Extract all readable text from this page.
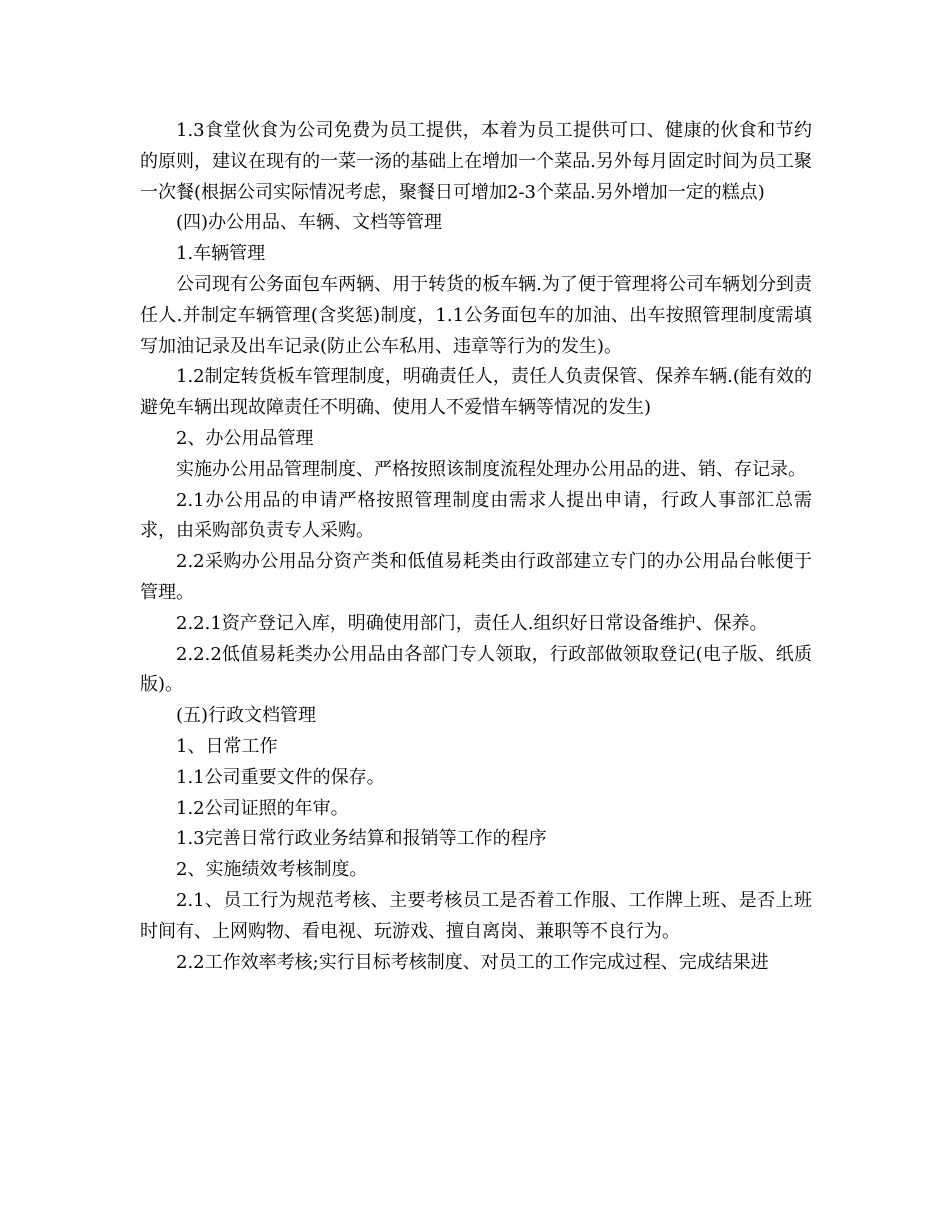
1.3食堂伙食为公司免费为员工提供，本着为员工提供可口、健康的伙食和节约的原则，建议在现有的一菜一汤的基础上在增加一个菜品.另外每月固定时间为员工聚一次餐(根据公司实际情况考虑，聚餐日可增加2-3个菜品.另外增加一定的糕点)

(四)办公用品、车辆、文档等管理

1.车辆管理

公司现有公务面包车两辆、用于转货的板车辆.为了便于管理将公司车辆划分到责任人.并制定车辆管理(含奖惩)制度，1.1公务面包车的加油、出车按照管理制度需填写加油记录及出车记录(防止公车私用、违章等行为的发生)。

1.2制定转货板车管理制度，明确责任人，责任人负责保管、保养车辆.(能有效的避免车辆出现故障责任不明确、使用人不爱惜车辆等情况的发生)

2、办公用品管理

实施办公用品管理制度、严格按照该制度流程处理办公用品的进、销、存记录。

2.1办公用品的申请严格按照管理制度由需求人提出申请，行政人事部汇总需求，由采购部负责专人采购。

2.2采购办公用品分资产类和低值易耗类由行政部建立专门的办公用品台帐便于管理。

2.2.1资产登记入库，明确使用部门，责任人.组织好日常设备维护、保养。

2.2.2低值易耗类办公用品由各部门专人领取，行政部做领取登记(电子版、纸质版)。

(五)行政文档管理

1、日常工作

1.1公司重要文件的保存。

1.2公司证照的年审。

1.3完善日常行政业务结算和报销等工作的程序

2、实施绩效考核制度。

2.1、员工行为规范考核、主要考核员工是否着工作服、工作牌上班、是否上班时间有、上网购物、看电视、玩游戏、擅自离岗、兼职等不良行为。

2.2工作效率考核;实行目标考核制度、对员工的工作完成过程、完成结果进
